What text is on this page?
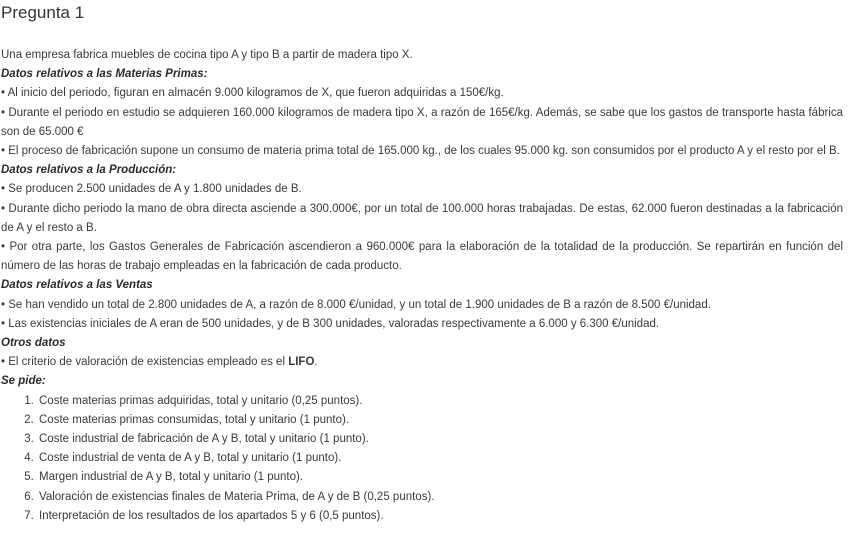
Pregunta 1

Una empresa fabrica muebles de cocina tipo A y tipo B a partir de madera tipo X.

Datos relativos a las Materias Primas:

• Al inicio del periodo, figuran en almacén 9.000 kilogramos de X, que fueron adquiridas a 150€/kg.

• Durante el periodo en estudio se adquieren 160.000 kilogramos de madera tipo X, a razón de 165€/kg. Además, se sabe que los gastos de transporte hasta fábrica son de 65.000 €

• El proceso de fabricación supone un consumo de materia prima total de 165.000 kg., de los cuales 95.000 kg. son consumidos por el producto A y el resto por el B.

Datos relativos a la Producción:

• Se producen 2.500 unidades de A y 1.800 unidades de B.

• Durante dicho periodo la mano de obra directa asciende a 300.000€, por un total de 100.000 horas trabajadas. De estas, 62.000 fueron destinadas a la fabricación de A y el resto a B.

• Por otra parte, los Gastos Generales de Fabricación ascendieron a 960.000€ para la elaboración de la totalidad de la producción. Se repartirán en función del número de las horas de trabajo empleadas en la fabricación de cada producto.

Datos relativos a las Ventas

• Se han vendido un total de 2.800 unidades de A, a razón de 8.000 €/unidad, y un total de 1.900 unidades de B a razón de 8.500 €/unidad.

• Las existencias iniciales de A eran de 500 unidades, y de B 300 unidades, valoradas respectivamente a 6.000 y 6.300 €/unidad.

Otros datos

• El criterio de valoración de existencias empleado es el LIFO.

Se pide:

1. Coste materias primas adquiridas, total y unitario (0,25 puntos).
2. Coste materias primas consumidas, total y unitario (1 punto).
3. Coste industrial de fabricación de A y B, total y unitario (1 punto).
4. Coste industrial de venta de A y B, total y unitario (1 punto).
5. Margen industrial de A y B, total y unitario (1 punto).
6. Valoración de existencias finales de Materia Prima, de A y de B (0,25 puntos).
7. Interpretación de los resultados de los apartados 5 y 6 (0,5 puntos).
